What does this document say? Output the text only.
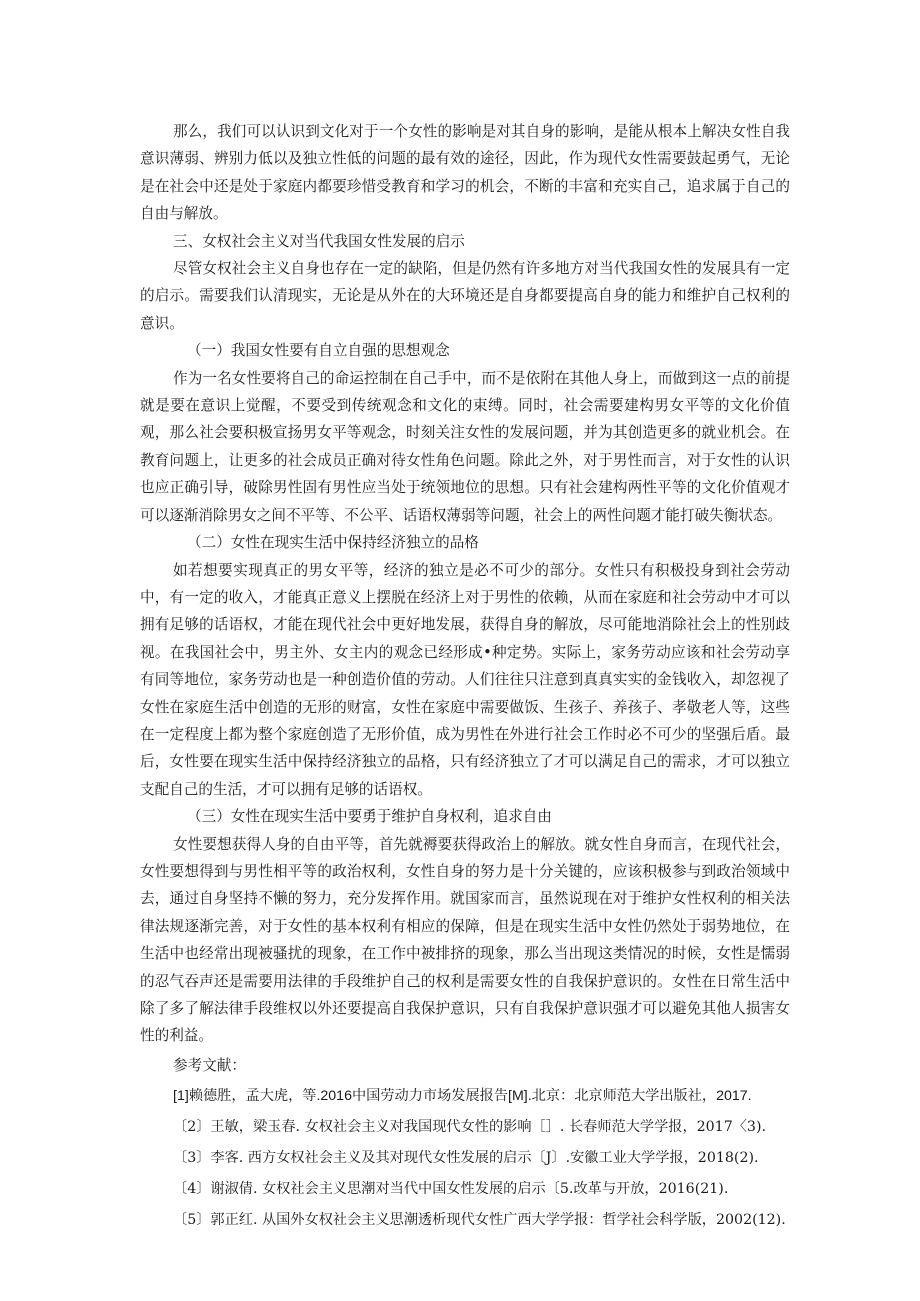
那么，我们可以认识到文化对于一个女性的影响是对其自身的影响，是能从根本上解决女性自我意识薄弱、辨别力低以及独立性低的问题的最有效的途径，因此，作为现代女性需要鼓起勇气，无论是在社会中还是处于家庭内都要珍惜受教育和学习的机会，不断的丰富和充实自己，追求属于自己的自由与解放。

三、女权社会主义对当代我国女性发展的启示

尽管女权社会主义自身也存在一定的缺陷，但是仍然有许多地方对当代我国女性的发展具有一定的启示。需要我们认清现实，无论是从外在的大环境还是自身都要提高自身的能力和维护自己权利的意识。

（一）我国女性要有自立自强的思想观念

作为一名女性要将自己的命运控制在自己手中，而不是依附在其他人身上，而做到这一点的前提就是要在意识上觉醒，不要受到传统观念和文化的束缚。同时，社会需要建构男女平等的文化价值观，那么社会要积极宣扬男女平等观念，时刻关注女性的发展问题，并为其创造更多的就业机会。在教育问题上，让更多的社会成员正确对待女性角色问题。除此之外，对于男性而言，对于女性的认识也应正确引导，破除男性固有男性应当处于统领地位的思想。只有社会建构两性平等的文化价值观才可以逐渐消除男女之间不平等、不公平、话语权薄弱等问题，社会上的两性问题才能打破失衡状态。

（二）女性在现实生活中保持经济独立的品格

如若想要实现真正的男女平等，经济的独立是必不可少的部分。女性只有积极投身到社会劳动中，有一定的收入，才能真正意义上摆脱在经济上对于男性的依赖，从而在家庭和社会劳动中才可以拥有足够的话语权，才能在现代社会中更好地发展，获得自身的解放，尽可能地消除社会上的性别歧视。在我国社会中，男主外、女主内的观念已经形成•种定势。实际上，家务劳动应该和社会劳动享有同等地位，家务劳动也是一种创造价值的劳动。人们往往只注意到真真实实的金钱收入，却忽视了女性在家庭生活中创造的无形的财富，女性在家庭中需要做饭、生孩子、养孩子、孝敬老人等，这些在一定程度上都为整个家庭创造了无形价值，成为男性在外进行社会工作时必不可少的坚强后盾。最后，女性要在现实生活中保持经济独立的品格，只有经济独立了才可以满足自己的需求，才可以独立支配自己的生活，才可以拥有足够的话语权。

（三）女性在现实生活中要勇于维护自身权利，追求自由

女性要想获得人身的自由平等，首先就褥要获得政治上的解放。就女性自身而言，在现代社会，女性要想得到与男性相平等的政治权利，女性自身的努力是十分关键的，应该积极参与到政治领域中去，通过自身坚持不懒的努力，充分发挥作用。就国家而言，虽然说现在对于维护女性权利的相关法律法规逐渐完善，对于女性的基本权利有相应的保障，但是在现实生活中女性仍然处于弱势地位，在生活中也经常出现被骚扰的现象，在工作中被排挤的现象，那么当出现这类情况的时候，女性是懦弱的忍气吞声还是需要用法律的手段维护自己的权利是需要女性的自我保护意识的。女性在日常生活中除了多了解法律手段维权以外还要提高自我保护意识，只有自我保护意识强才可以避免其他人损害女性的利益。

参考文献：

[1]赖德胜，孟大虎，等.2016中国劳动力市场发展报告[M].北京：北京师范大学出版社，2017.

〔2〕王敏，梁玉春. 女权社会主义对我国现代女性的影响［］. 长春师范大学学报，2017〈3).

〔3〕李客. 西方女权社会主义及其对现代女性发展的启示〔J〕.安徽工业大学学报，2018(2).

〔4〕谢淑倩. 女权社会主义思潮对当代中国女性发展的启示〔5.改革与开放，2016(21).

〔5〕郭正红. 从国外女权社会主义思潮透析现代女性广西大学学报：哲学社会科学版，2002(12).
